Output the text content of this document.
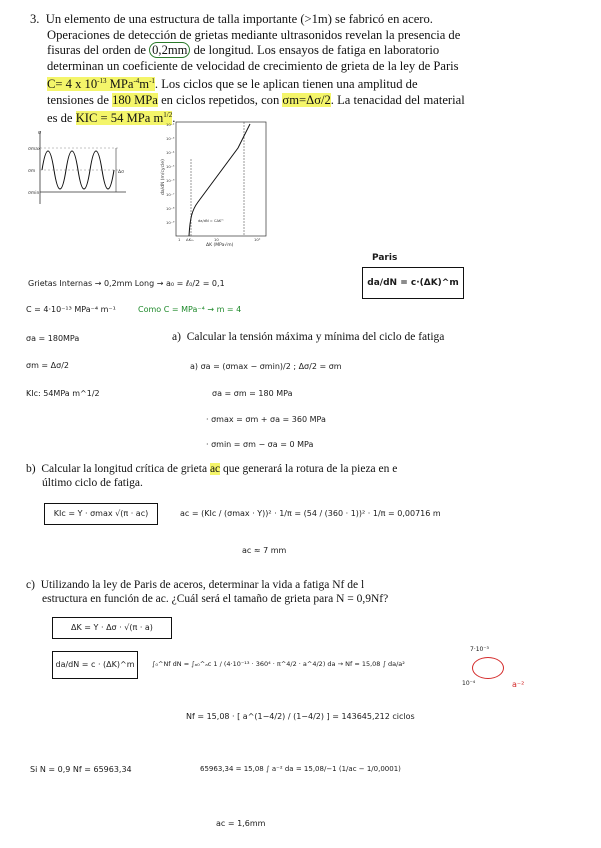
3. Un elemento de una estructura de talla importante (>1m) se fabricó en acero.
Operaciones de detección de grietas mediante ultrasonidos revelan la presencia de
fisuras del orden de 0,2mm de longitud. Los ensayos de fatiga en laboratorio
determinan un coeficiente de velocidad de crecimiento de grieta de la ley de Paris
C= 4 x $10^{-13}$ $MPa^{-4}m^{-1}$. Los ciclos que se le aplican tienen una amplitud de
tensiones de 180 MPa en ciclos repetidos, con σm=Δσ/2. La tenacidad del material
es de KIC = 54 MPa $m^{1/2}$.
σ
σmax
σm
σmin
Δσ	da/dN (m/cycle)
ΔK (MPa√m)
10⁻²
10⁻³
10⁻⁴
10⁻⁵
10⁻⁶
10⁻⁷
10⁻⁸
10⁻⁹
1 ΔKₜₕ	10	10²
da/dN = CΔKᵐ
Paris
da/dN = c·(ΔK)^m
Grietas Internas → 0,2mm Long → a₀ = ℓ₀/2 = 0,1
C = 4·10⁻¹³ MPa⁻⁴ m⁻¹	Como C = MPa⁻⁴ → m = 4
σa = 180MPa
σm = Δσ/2
KIc: 54MPa m^1/2
a) Calcular la tensión máxima y mínima del ciclo de fatiga
a) σa = (σmax − σmin)/2 ; Δσ/2 = σm
σa = σm = 180 MPa
· σmax = σm + σa = 360 MPa
· σmin = σm − σa = 0 MPa
b) Calcular la longitud crítica de grieta ac que generará la rotura de la pieza en e
último ciclo de fatiga.
KIc = Y · σmax √(π · ac)	ac = (KIc / (σmax · Y))² · 1/π = (54 / (360 · 1))² · 1/π = 0,00716 m
ac ≈ 7 mm
c) Utilizando la ley de Paris de aceros, determinar la vida a fatiga Nf de l
estructura en función de ac. ¿Cuál será el tamaño de grieta para N = 0,9Nf?
ΔK = Y · Δσ · √(π · a)
da/dN = c · (ΔK)^m	∫₀^Nf dN = ∫ₐ₀^ₐc 1 / (4·10⁻¹³ · 360⁴ · π^4/2 · a^4/2) da → Nf = 15,08 ∫ da/a²
7·10⁻³
10⁻⁴	a⁻²
Nf = 15,08 · [ a^(1−4/2) / (1−4/2) ] = 143645,212 ciclos
Si N = 0,9 Nf = 65963,34	65963,34 = 15,08 ∫ a⁻² da = 15,08/−1 (1/ac − 1/0,0001)
ac = 1,6mm
